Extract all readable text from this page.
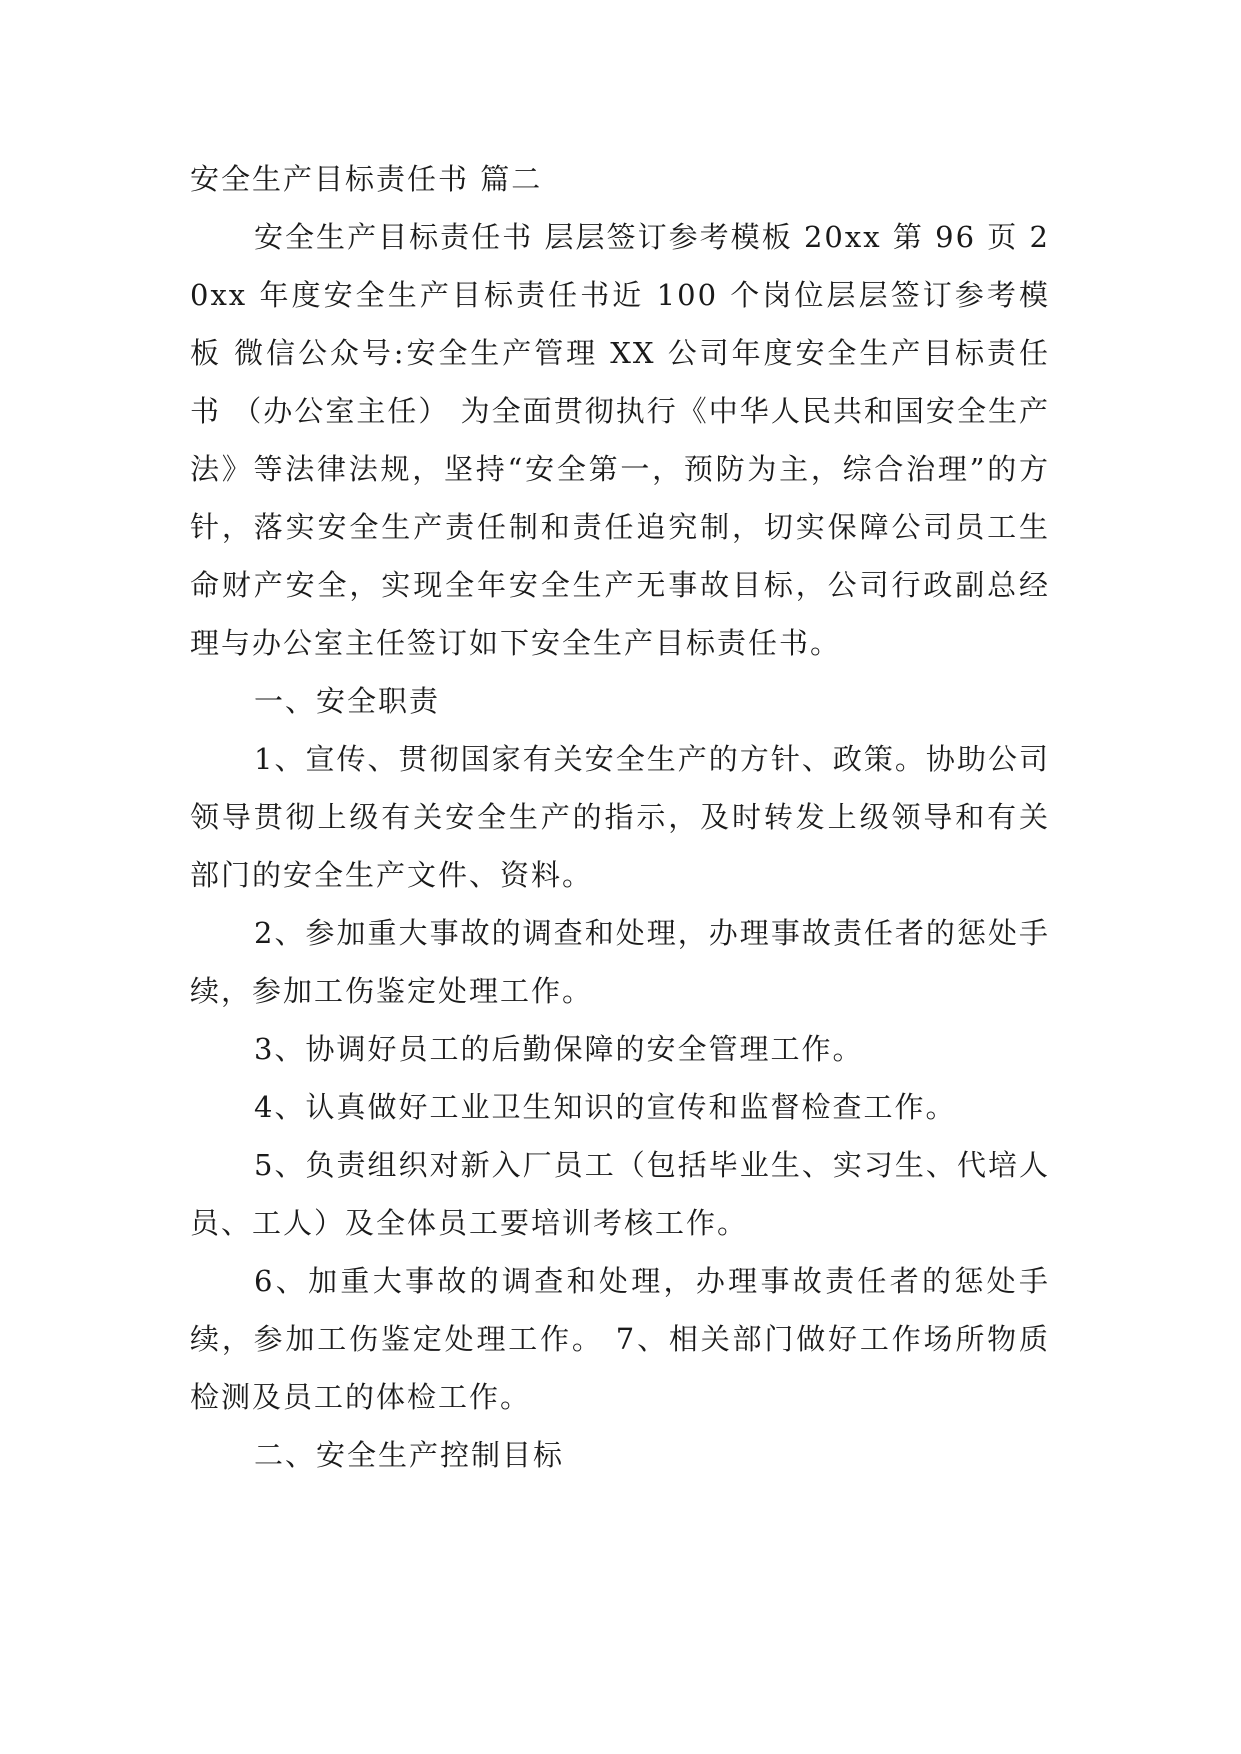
安全生产目标责任书 篇二

安全生产目标责任书 层层签订参考模板 20xx 第 96 页 20xx 年度安全生产目标责任书近 100 个岗位层层签订参考模板 微信公众号:安全生产管理 XX 公司年度安全生产目标责任书 （办公室主任） 为全面贯彻执行《中华人民共和国安全生产法》等法律法规，坚持“安全第一，预防为主，综合治理”的方针，落实安全生产责任制和责任追究制，切实保障公司员工生命财产安全，实现全年安全生产无事故目标，公司行政副总经理与办公室主任签订如下安全生产目标责任书。

一、安全职责

1、宣传、贯彻国家有关安全生产的方针、政策。协助公司领导贯彻上级有关安全生产的指示，及时转发上级领导和有关部门的安全生产文件、资料。

2、参加重大事故的调查和处理，办理事故责任者的惩处手续，参加工伤鉴定处理工作。

3、协调好员工的后勤保障的安全管理工作。

4、认真做好工业卫生知识的宣传和监督检查工作。

5、负责组织对新入厂员工（包括毕业生、实习生、代培人员、工人）及全体员工要培训考核工作。

6、加重大事故的调查和处理，办理事故责任者的惩处手续，参加工伤鉴定处理工作。 7、相关部门做好工作场所物质检测及员工的体检工作。

二、安全生产控制目标
